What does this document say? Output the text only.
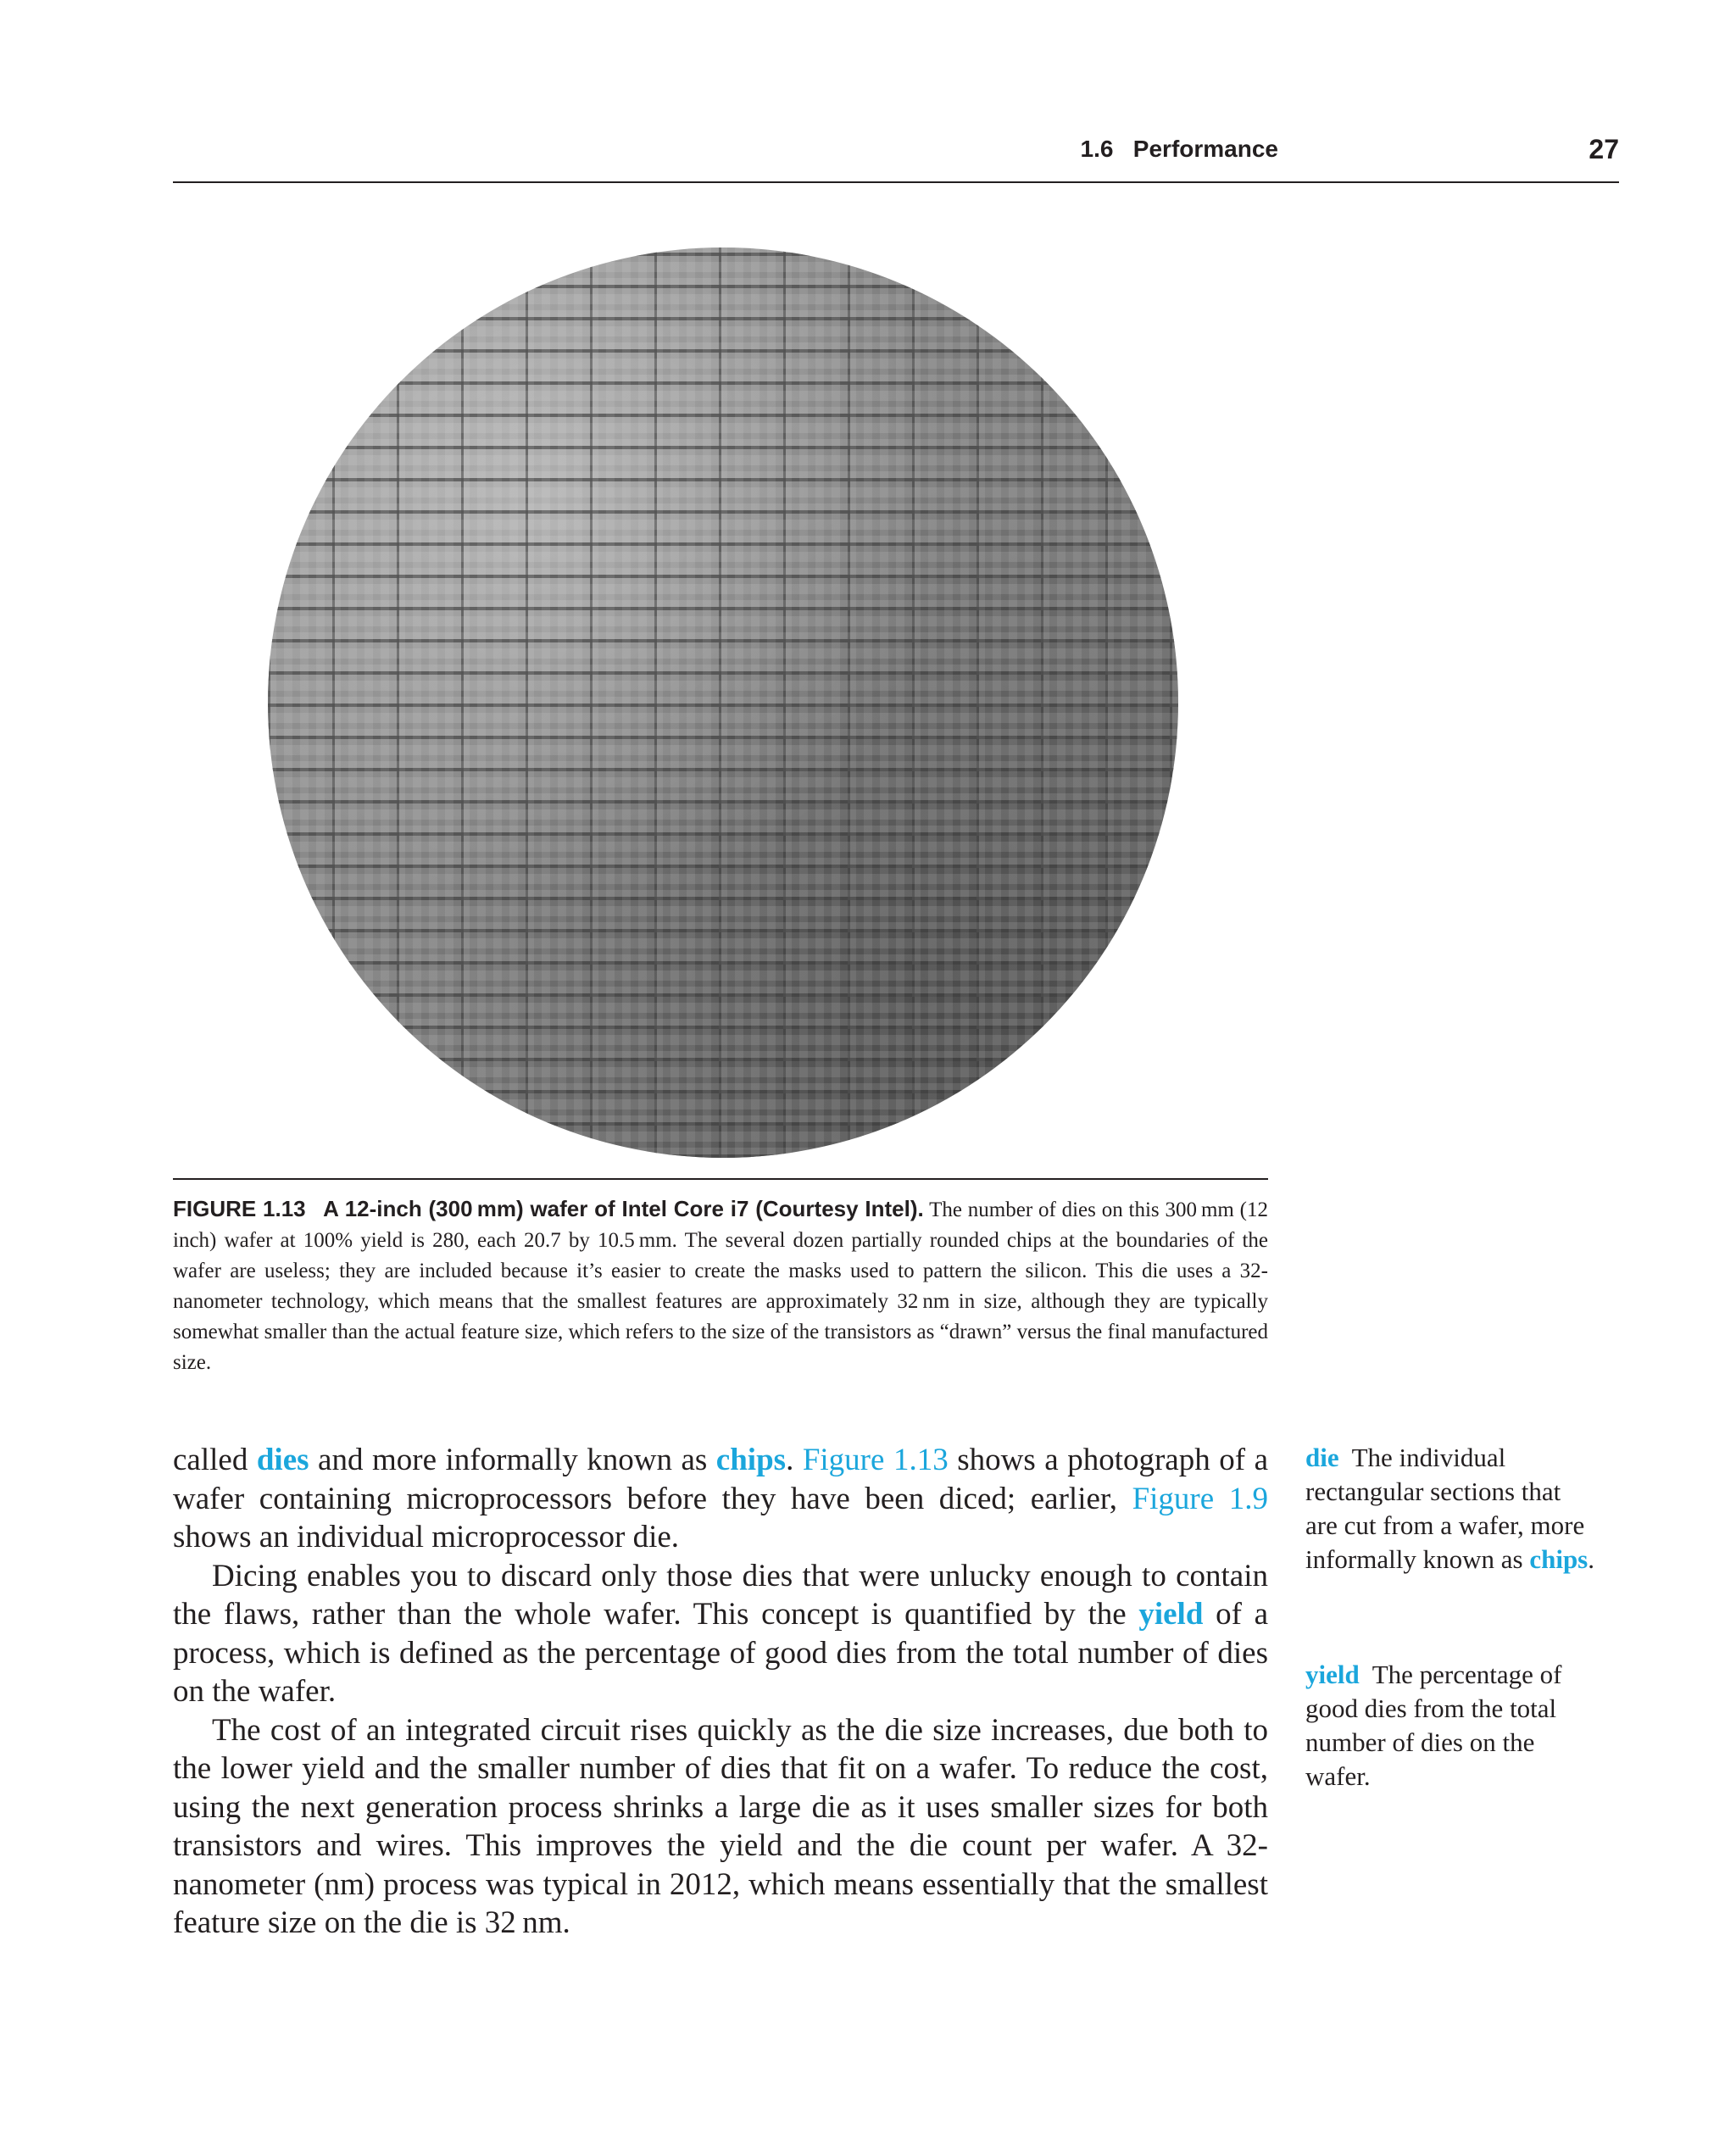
1.6   Performance	27
FIGURE 1.13 A 12-inch (300 mm) wafer of Intel Core i7 (Courtesy Intel). The number of dies on this 300 mm (12 inch) wafer at 100% yield is 280, each 20.7 by 10.5 mm. The several dozen partially rounded chips at the boundaries of the wafer are useless; they are included because it’s easier to create the masks used to pattern the silicon. This die uses a 32-nanometer technology, which means that the smallest features are approximately 32 nm in size, although they are typically somewhat smaller than the actual feature size, which refers to the size of the transistors as “drawn” versus the final manufactured size.

called dies and more informally known as chips. Figure 1.13 shows a photograph of a wafer containing microprocessors before they have been diced; earlier, Figure 1.9 shows an individual microprocessor die.

Dicing enables you to discard only those dies that were unlucky enough to contain the flaws, rather than the whole wafer. This concept is quantified by the yield of a process, which is defined as the percentage of good dies from the total number of dies on the wafer.

The cost of an integrated circuit rises quickly as the die size increases, due both to the lower yield and the smaller number of dies that fit on a wafer. To reduce the cost, using the next generation process shrinks a large die as it uses smaller sizes for both transistors and wires. This improves the yield and the die count per wafer. A 32-nanometer (nm) process was typical in 2012, which means essentially that the smallest feature size on the die is 32 nm.

die The individual rectangular sections that are cut from a wafer, more informally known as chips.
yield The percentage of good dies from the total number of dies on the wafer.
